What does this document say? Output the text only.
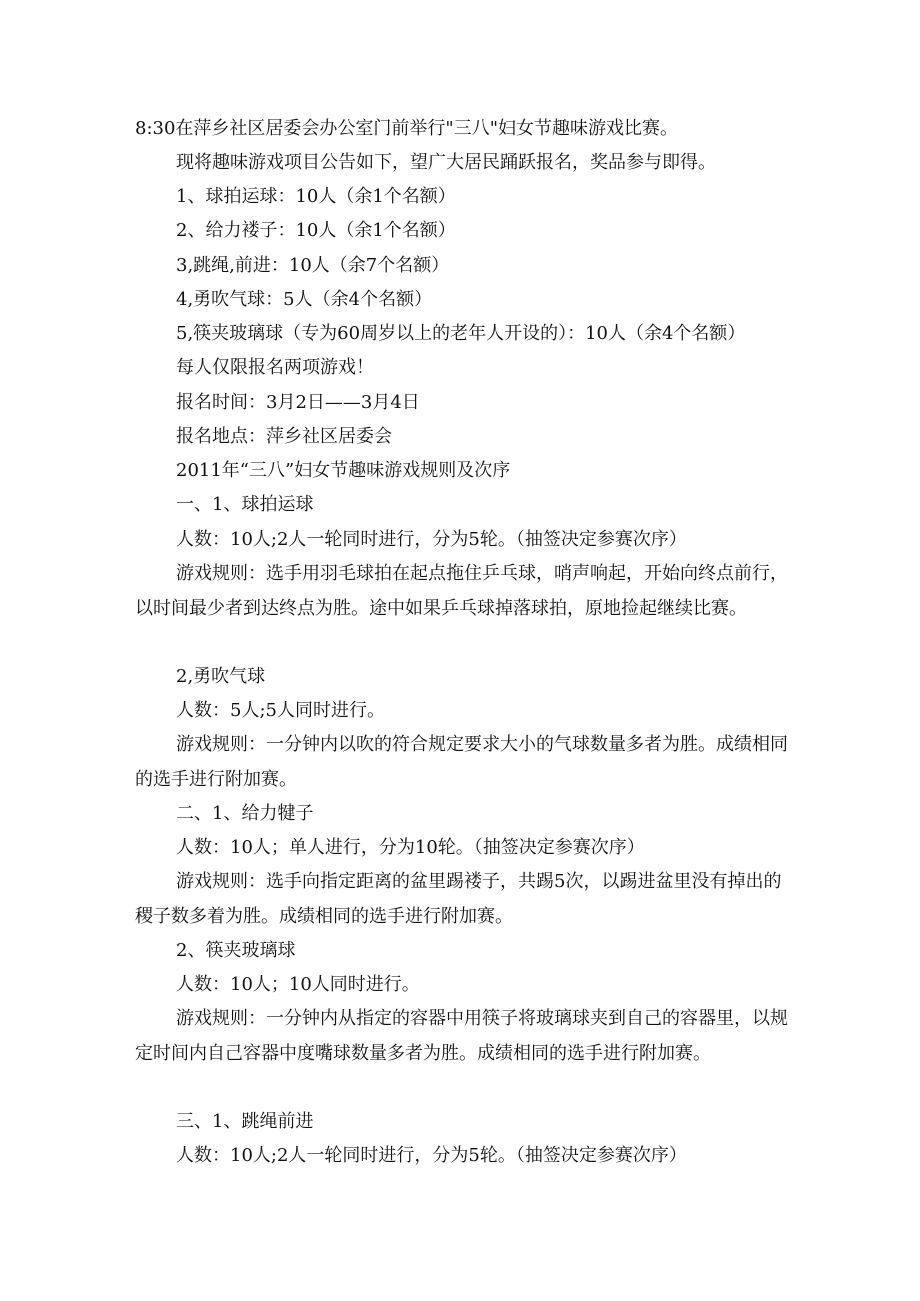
8:30在萍乡社区居委会办公室门前举行"三八"妇女节趣味游戏比赛。

现将趣味游戏项目公告如下，望广大居民踊跃报名，奖品参与即得。

1、球拍运球：10人（余1个名额）

2、给力褛子：10人（余1个名额）

3,跳绳,前进：10人（余7个名额）

4,勇吹气球：5人（余4个名额）

5,筷夹玻璃球（专为60周岁以上的老年人开设的）：10人（余4个名额）

每人仅限报名两项游戏！

报名时间：3月2日——3月4日

报名地点：萍乡社区居委会

2011年“三八”妇女节趣味游戏规则及次序

一、1、球拍运球

人数：10人;2人一轮同时进行，分为5轮。（抽签决定参赛次序）

游戏规则：选手用羽毛球拍在起点拖住乒乓球，哨声响起，开始向终点前行，以时间最少者到达终点为胜。途中如果乒乓球掉落球拍，原地捡起继续比赛。

2,勇吹气球

人数：5人;5人同时进行。

游戏规则：一分钟内以吹的符合规定要求大小的气球数量多者为胜。成绩相同的选手进行附加赛。

二、1、给力犍子

人数：10人；单人进行，分为10轮。（抽签决定参赛次序）

游戏规则：选手向指定距离的盆里踢褛子，共踢5次，以踢进盆里没有掉出的稷子数多着为胜。成绩相同的选手进行附加赛。

2、筷夹玻璃球

人数：10人；10人同时进行。

游戏规则：一分钟内从指定的容器中用筷子将玻璃球夹到自己的容器里，以规定时间内自己容器中度嘴球数量多者为胜。成绩相同的选手进行附加赛。

三、1、跳绳前进

人数：10人;2人一轮同时进行，分为5轮。（抽签决定参赛次序）
